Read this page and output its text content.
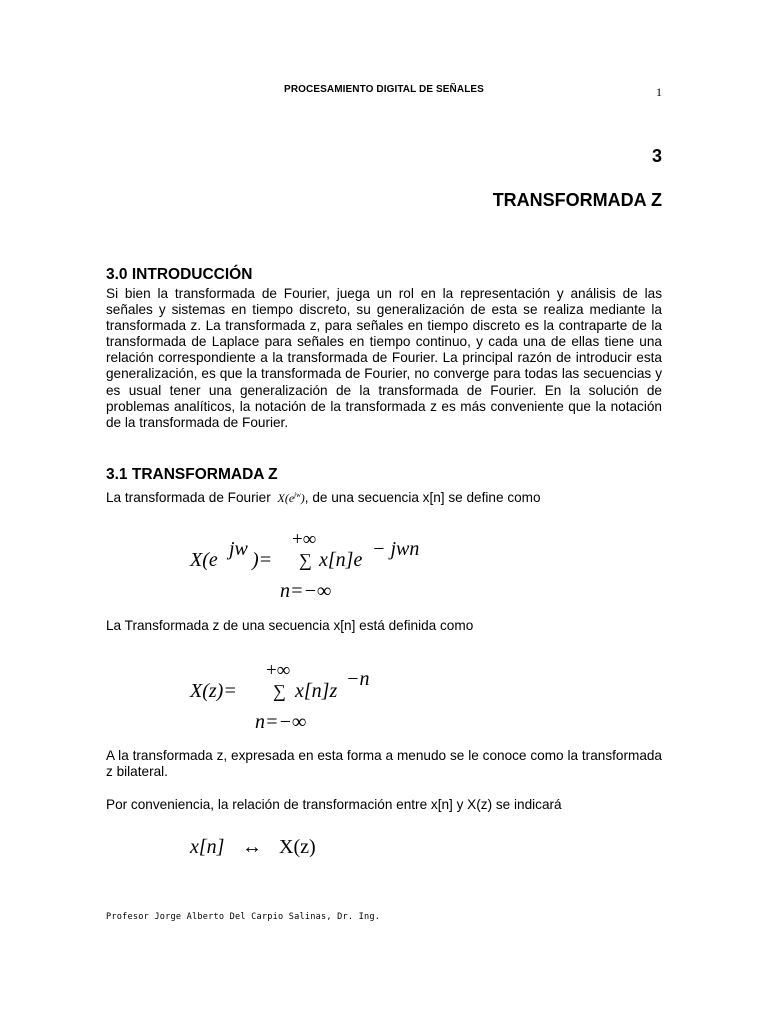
PROCESAMIENTO DIGITAL DE SEÑALES	1
3
TRANSFORMADA Z
3.0 INTRODUCCIÓN

Si bien la transformada de Fourier, juega un rol en la representación y análisis de las señales y sistemas en tiempo discreto, su generalización de esta se realiza mediante la transformada z. La transformada z, para señales en tiempo discreto es la contraparte de la transformada de Laplace para señales en tiempo continuo, y cada una de ellas tiene una relación correspondiente a la transformada de Fourier. La principal razón de introducir esta generalización, es que la transformada de Fourier, no converge para todas las secuencias y es usual tener una generalización de la transformada de Fourier. En la solución de problemas analíticos, la notación de la transformada z es más conveniente que la notación de la transformada de Fourier.

3.1 TRANSFORMADA Z
La transformada de Fourier $X(e^{jw})$, de una secuencia x[n] se define como
X(e jw )=
+∞
∑ x[n]e − jwn
n=−∞
La Transformada z de una secuencia x[n] está definida como
X(z)=
+∞
∑ x[n]z
−n
n=−∞

A la transformada z, expresada en esta forma a menudo se le conoce como la transformada z bilateral.

Por conveniencia, la relación de transformación entre x[n] y X(z) se indicará
x[n] ↔ X(z)
Profesor Jorge Alberto Del Carpio Salinas, Dr. Ing.
